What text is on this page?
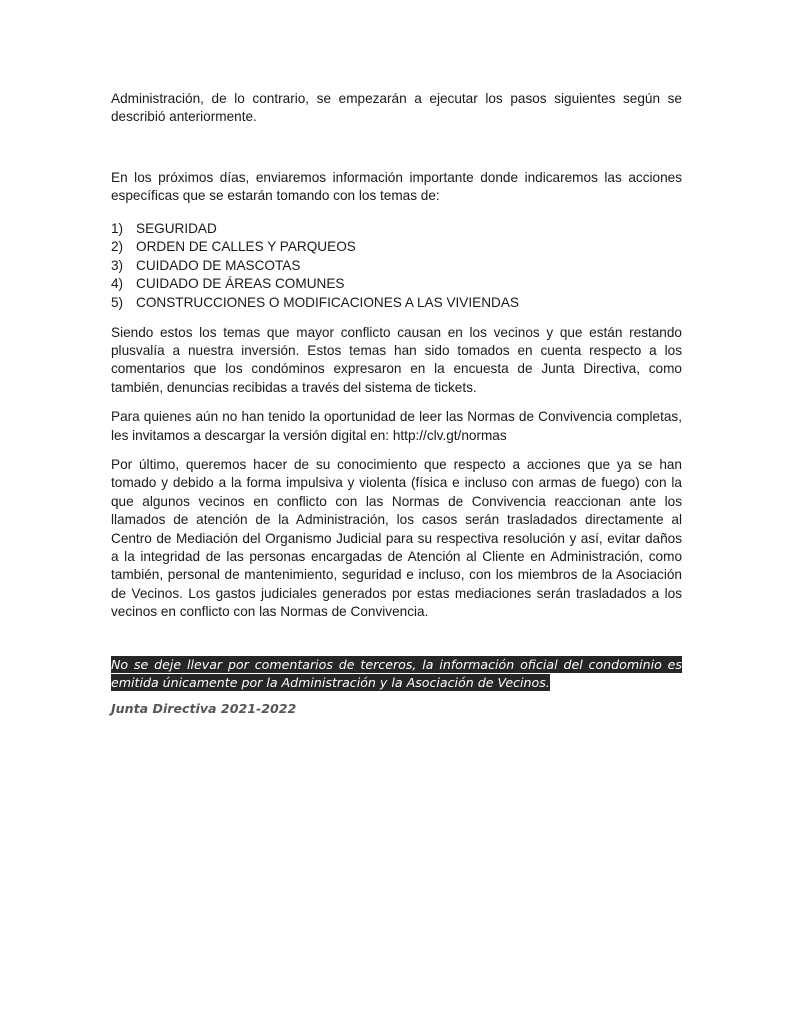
Administración, de lo contrario, se empezarán a ejecutar los pasos siguientes según se describió anteriormente.

En los próximos días, enviaremos información importante donde indicaremos las acciones específicas que se estarán tomando con los temas de:

1) SEGURIDAD
2) ORDEN DE CALLES Y PARQUEOS
3) CUIDADO DE MASCOTAS
4) CUIDADO DE ÁREAS COMUNES
5) CONSTRUCCIONES O MODIFICACIONES A LAS VIVIENDAS

Siendo estos los temas que mayor conflicto causan en los vecinos y que están restando plusvalía a nuestra inversión. Estos temas han sido tomados en cuenta respecto a los comentarios que los condóminos expresaron en la encuesta de Junta Directiva, como también, denuncias recibidas a través del sistema de tickets.

Para quienes aún no han tenido la oportunidad de leer las Normas de Convivencia completas, les invitamos a descargar la versión digital en: http://clv.gt/normas

Por último, queremos hacer de su conocimiento que respecto a acciones que ya se han tomado y debido a la forma impulsiva y violenta (física e incluso con armas de fuego) con la que algunos vecinos en conflicto con las Normas de Convivencia reaccionan ante los llamados de atención de la Administración, los casos serán trasladados directamente al Centro de Mediación del Organismo Judicial para su respectiva resolución y así, evitar daños a la integridad de las personas encargadas de Atención al Cliente en Administración, como también, personal de mantenimiento, seguridad e incluso, con los miembros de la Asociación de Vecinos. Los gastos judiciales generados por estas mediaciones serán trasladados a los vecinos en conflicto con las Normas de Convivencia.

No se deje llevar por comentarios de terceros, la información oficial del condominio es emitida únicamente por la Administración y la Asociación de Vecinos.

Junta Directiva 2021-2022
